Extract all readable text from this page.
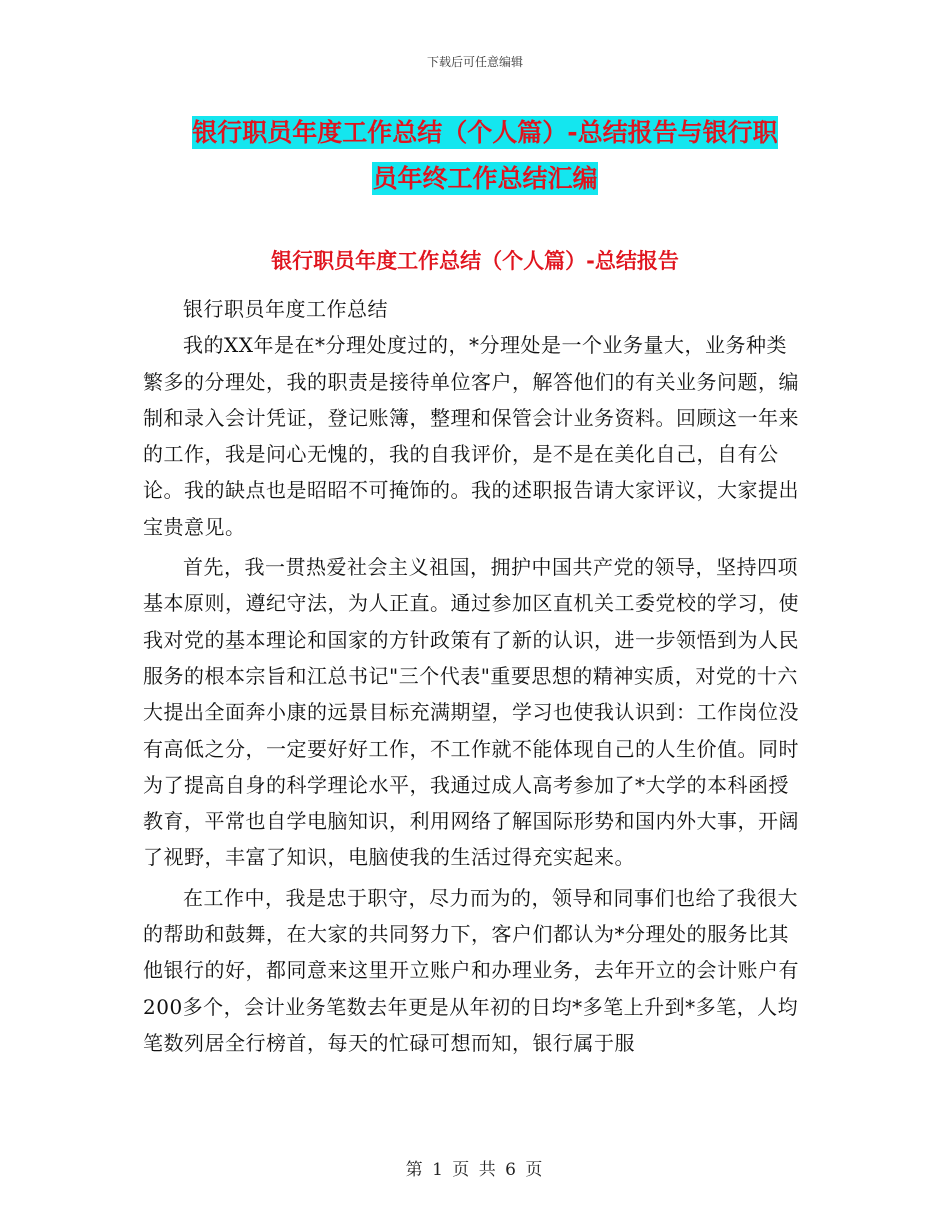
下载后可任意编辑
银行职员年度工作总结（个人篇）-总结报告与银行职
员年终工作总结汇编
银行职员年度工作总结（个人篇）-总结报告

银行职员年度工作总结

我的XX年是在*分理处度过的，*分理处是一个业务量大，业务种类繁多的分理处，我的职责是接待单位客户，解答他们的有关业务问题，编制和录入会计凭证，登记账簿，整理和保管会计业务资料。回顾这一年来的工作，我是问心无愧的，我的自我评价，是不是在美化自己，自有公论。我的缺点也是昭昭不可掩饰的。我的述职报告请大家评议，大家提出宝贵意见。

首先，我一贯热爱社会主义祖国，拥护中国共产党的领导，坚持四项基本原则，遵纪守法，为人正直。通过参加区直机关工委党校的学习，使我对党的基本理论和国家的方针政策有了新的认识，进一步领悟到为人民服务的根本宗旨和江总书记"三个代表"重要思想的精神实质，对党的十六大提出全面奔小康的远景目标充满期望，学习也使我认识到：工作岗位没有高低之分，一定要好好工作，不工作就不能体现自己的人生价值。同时为了提高自身的科学理论水平，我通过成人高考参加了*大学的本科函授教育，平常也自学电脑知识，利用网络了解国际形势和国内外大事，开阔了视野，丰富了知识，电脑使我的生活过得充实起来。

在工作中，我是忠于职守，尽力而为的，领导和同事们也给了我很大的帮助和鼓舞，在大家的共同努力下，客户们都认为*分理处的服务比其他银行的好，都同意来这里开立账户和办理业务，去年开立的会计账户有200多个，会计业务笔数去年更是从年初的日均*多笔上升到*多笔，人均笔数列居全行榜首，每天的忙碌可想而知，银行属于服

第 1 页 共 6 页
